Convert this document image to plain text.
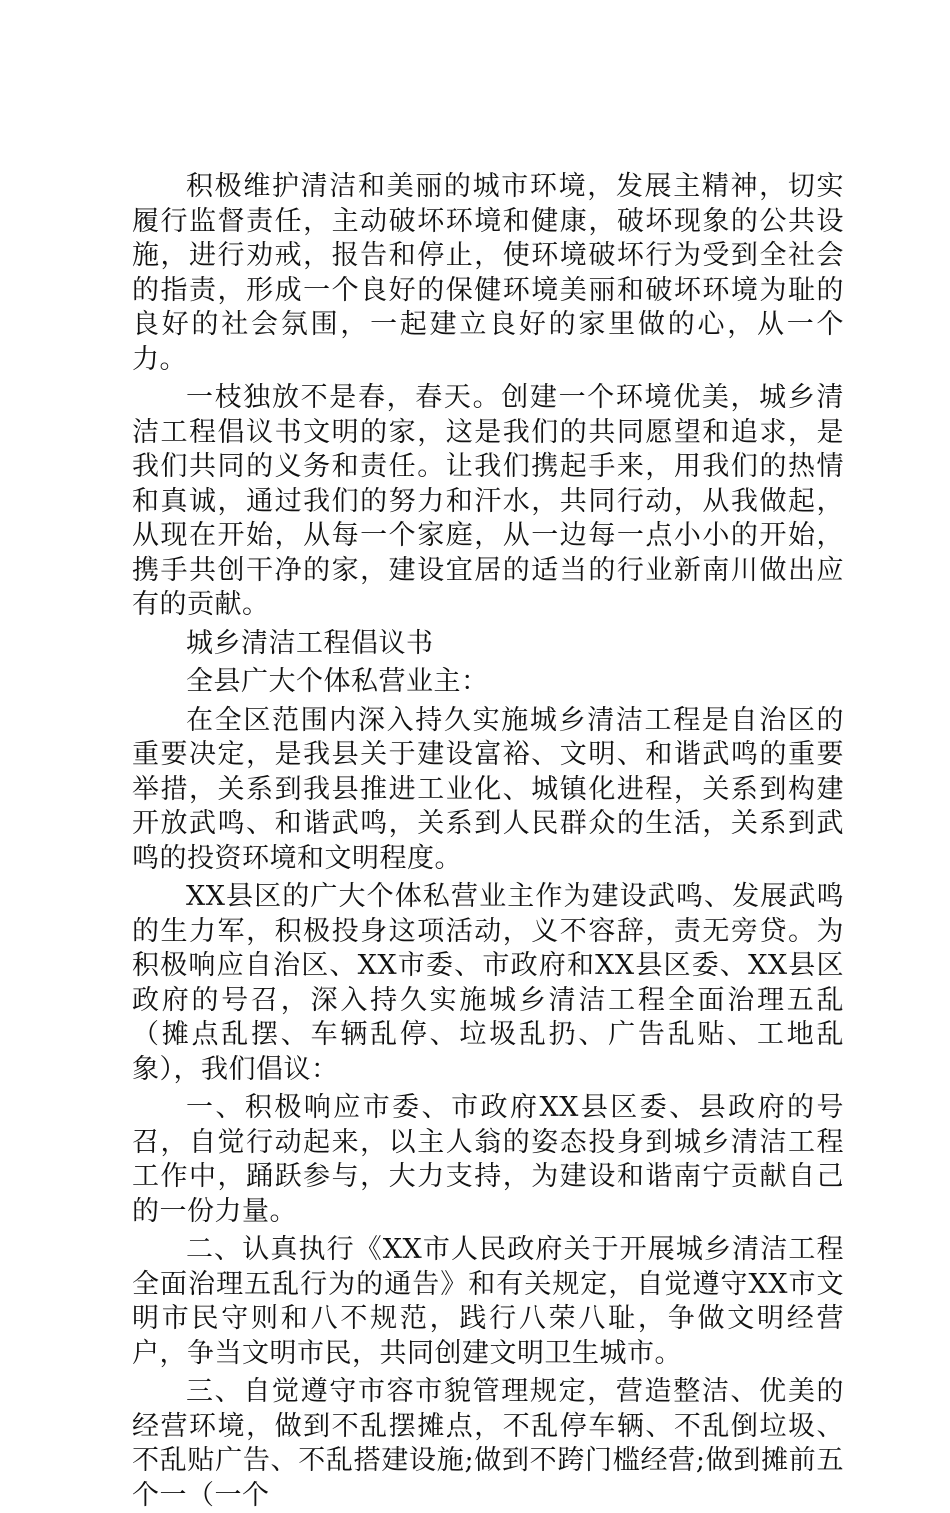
积极维护清洁和美丽的城市环境，发展主精神，切实履行监督责任，主动破坏环境和健康，破坏现象的公共设施，进行劝戒，报告和停止，使环境破坏行为受到全社会的指责，形成一个良好的保健环境美丽和破坏环境为耻的良好的社会氛围，一起建立良好的家里做的心，从一个力。

一枝独放不是春，春天。创建一个环境优美，城乡清洁工程倡议书文明的家，这是我们的共同愿望和追求，是我们共同的义务和责任。让我们携起手来，用我们的热情和真诚，通过我们的努力和汗水，共同行动，从我做起，从现在开始，从每一个家庭，从一边每一点小小的开始，携手共创干净的家，建设宜居的适当的行业新南川做出应有的贡献。

城乡清洁工程倡议书

全县广大个体私营业主：

在全区范围内深入持久实施城乡清洁工程是自治区的重要决定，是我县关于建设富裕、文明、和谐武鸣的重要举措，关系到我县推进工业化、城镇化进程，关系到构建开放武鸣、和谐武鸣，关系到人民群众的生活，关系到武鸣的投资环境和文明程度。

XX县区的广大个体私营业主作为建设武鸣、发展武鸣的生力军，积极投身这项活动，义不容辞，责无旁贷。为积极响应自治区、XX市委、市政府和XX县区委、XX县区政府的号召，深入持久实施城乡清洁工程全面治理五乱（摊点乱摆、车辆乱停、垃圾乱扔、广告乱贴、工地乱象），我们倡议：

一、积极响应市委、市政府XX县区委、县政府的号召，自觉行动起来，以主人翁的姿态投身到城乡清洁工程工作中，踊跃参与，大力支持，为建设和谐南宁贡献自己的一份力量。

二、认真执行《XX市人民政府关于开展城乡清洁工程全面治理五乱行为的通告》和有关规定，自觉遵守XX市文明市民守则和八不规范，践行八荣八耻，争做文明经营户，争当文明市民，共同创建文明卫生城市。

三、自觉遵守市容市貌管理规定，营造整洁、优美的经营环境，做到不乱摆摊点，不乱停车辆、不乱倒垃圾、不乱贴广告、不乱搭建设施;做到不跨门槛经营;做到摊前五个一（一个
